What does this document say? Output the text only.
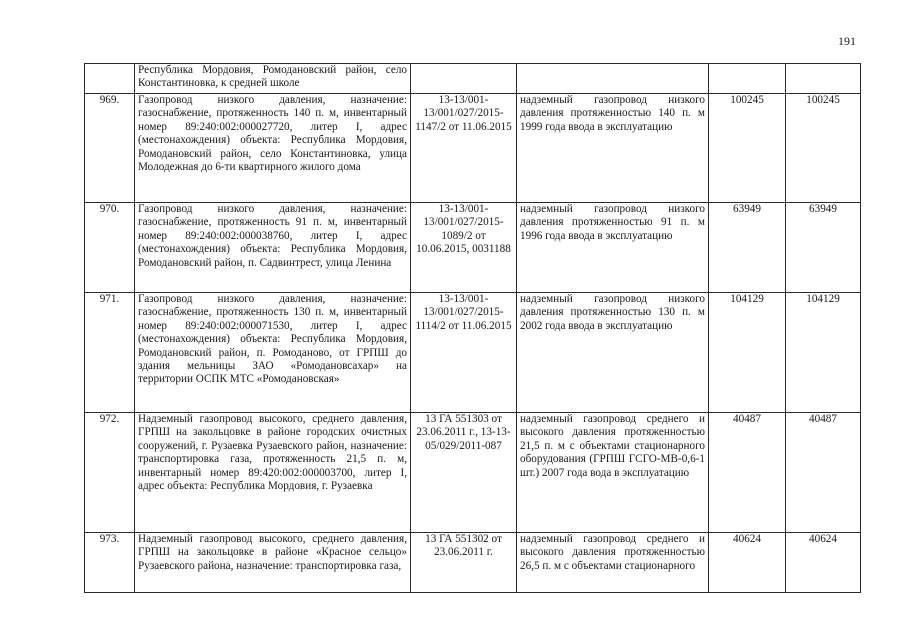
191
	Республика Мордовия, Ромодановский район, село Константиновка, к средней школе				
969.	Газопровод низкого давления, назначение: газоснабжение, протяженность 140 п. м, инвентарный номер 89:240:002:000027720, литер I, адрес (местонахождения) объекта: Республика Мордовия, Ромодановский район, село Константиновка, улица Молодежная до 6-ти квартирного жилого дома	13-13/001-13/001/027/2015-1147/2 от 11.06.2015	надземный газопровод низкого давления протяженностью 140 п. м 1999 года ввода в эксплуатацию	100245	100245
970.	Газопровод низкого давления, назначение: газоснабжение, протяженность 91 п. м, инвентарный номер 89:240:002:000038760, литер I, адрес (местонахождения) объекта: Республика Мордовия, Ромодановский район, п. Садвинтрест, улица Ленина	13-13/001-13/001/027/2015-1089/2 от 10.06.2015, 0031188	надземный газопровод низкого давления протяженностью 91 п. м 1996 года ввода в эксплуатацию	63949	63949
971.	Газопровод низкого давления, назначение: газоснабжение, протяженность 130 п. м, инвентарный номер 89:240:002:000071530, литер I, адрес (местонахождения) объекта: Республика Мордовия, Ромодановский район, п. Ромоданово, от ГРПШ до здания мельницы ЗАО «Ромодановсахар» на территории ОСПК МТС «Ромодановская»	13-13/001-13/001/027/2015-1114/2 от 11.06.2015	надземный газопровод низкого давления протяженностью 130 п. м 2002 года ввода в эксплуатацию	104129	104129
972.	Надземный газопровод высокого, среднего давления, ГРПШ на закольцовке в районе городских очистных сооружений, г. Рузаевка Рузаевского район, назначение: транспортировка газа, протяженность 21,5 п. м, инвентарный номер 89:420:002:000003700, литер I, адрес объекта: Республика Мордовия, г. Рузаевка	13 ГА 551303 от 23.06.2011 г., 13-13-05/029/2011-087	надземный газопровод среднего и высокого давления протяженностью 21,5 п. м с объектами стационарного оборудования (ГРПШ ГСГО-МВ-0,6-1 шт.) 2007 года вода в эксплуатацию	40487	40487
973.	Надземный газопровод высокого, среднего давления, ГРПШ на закольцовке в районе «Красное сельцо» Рузаевского района, назначение: транспортировка газа,	13 ГА 551302 от 23.06.2011 г.	надземный газопровод среднего и высокого давления протяженностью 26,5 п. м с объектами стационарного	40624	40624
